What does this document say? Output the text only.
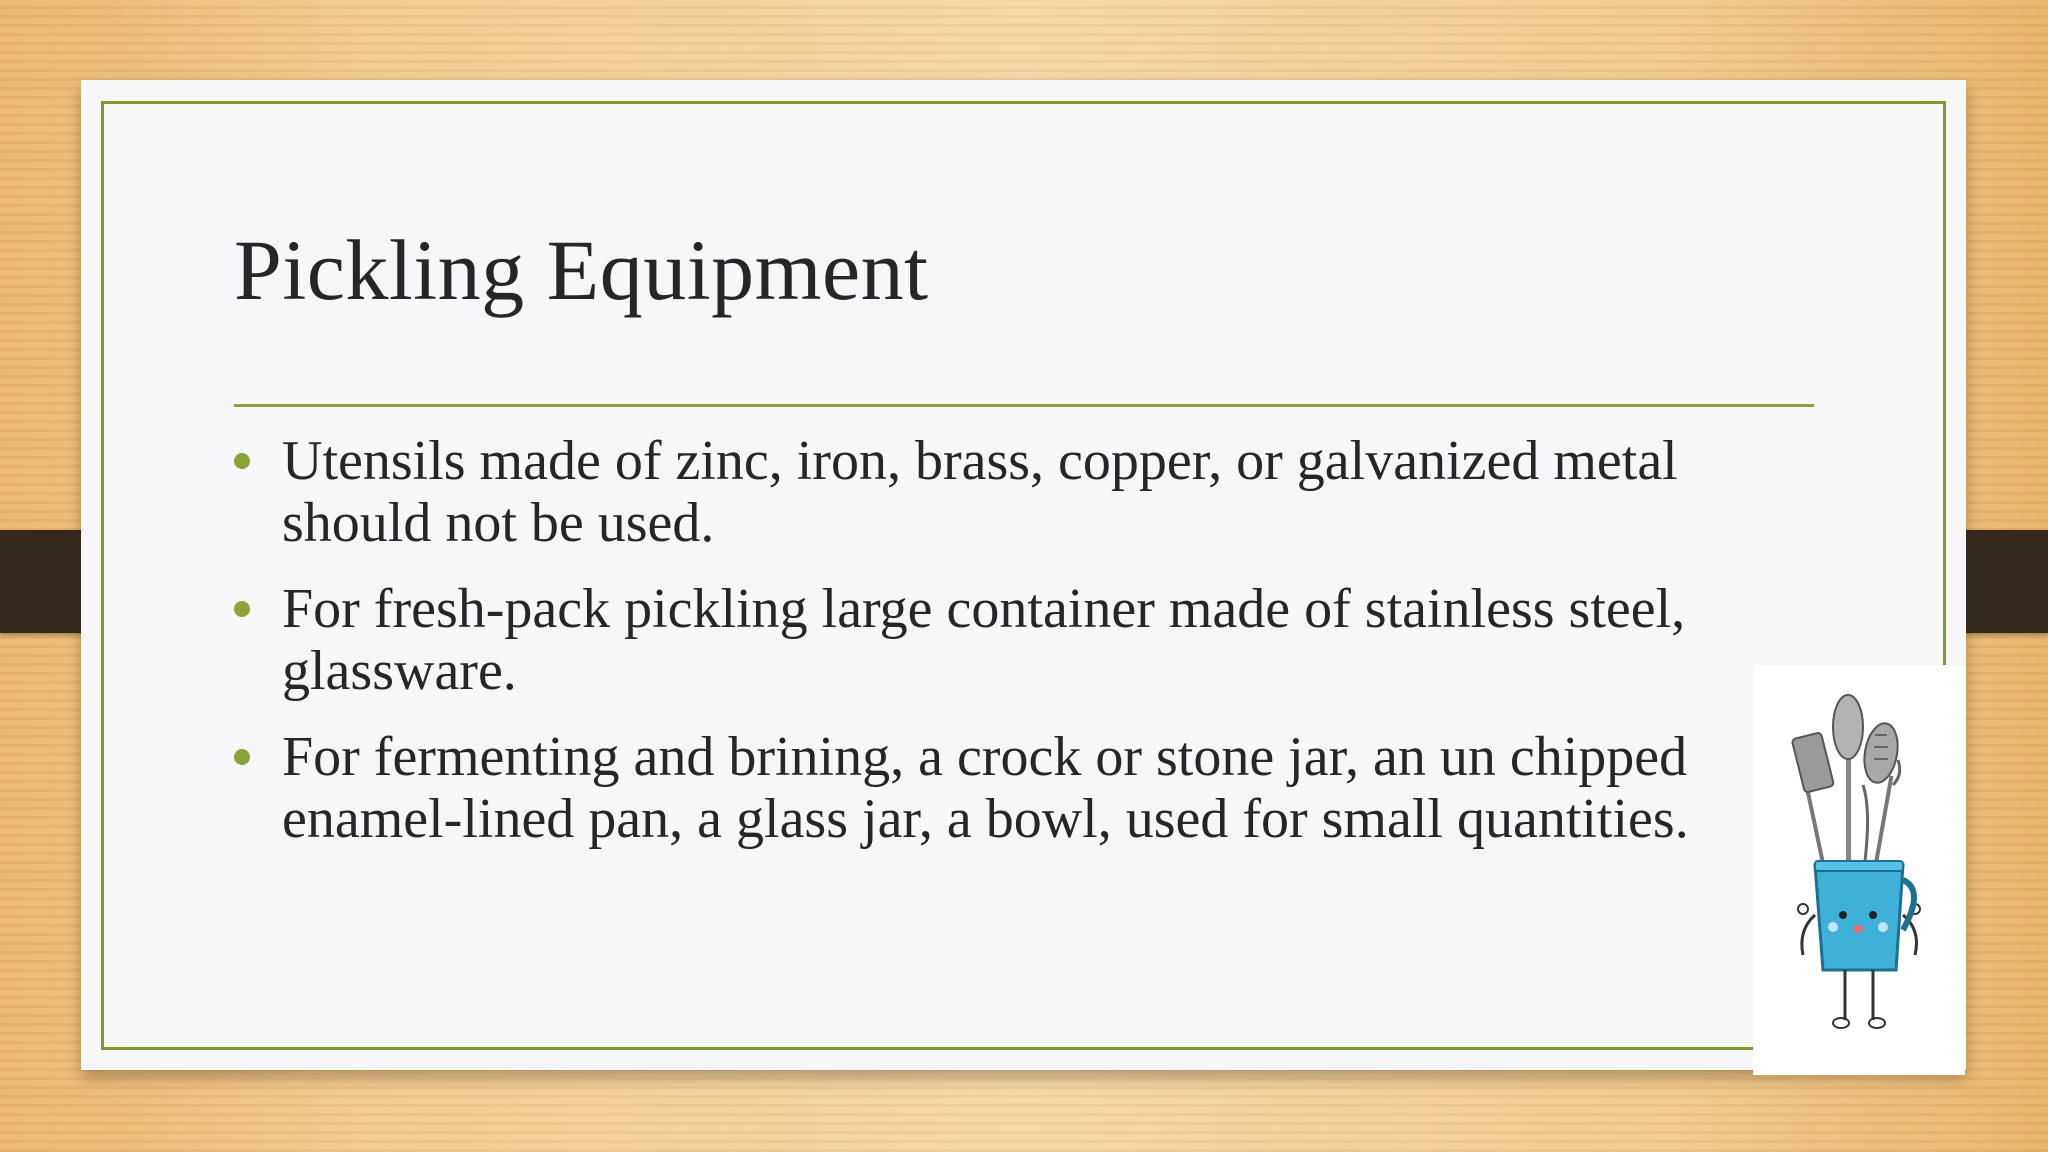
Pickling Equipment
Utensils made of zinc, iron, brass, copper, or galvanized metal should not be used.
For fresh-pack pickling large container made of stainless steel, glassware.
For fermenting and brining, a crock or stone jar, an un chipped enamel-lined pan, a glass jar, a bowl, used for small quantities.
